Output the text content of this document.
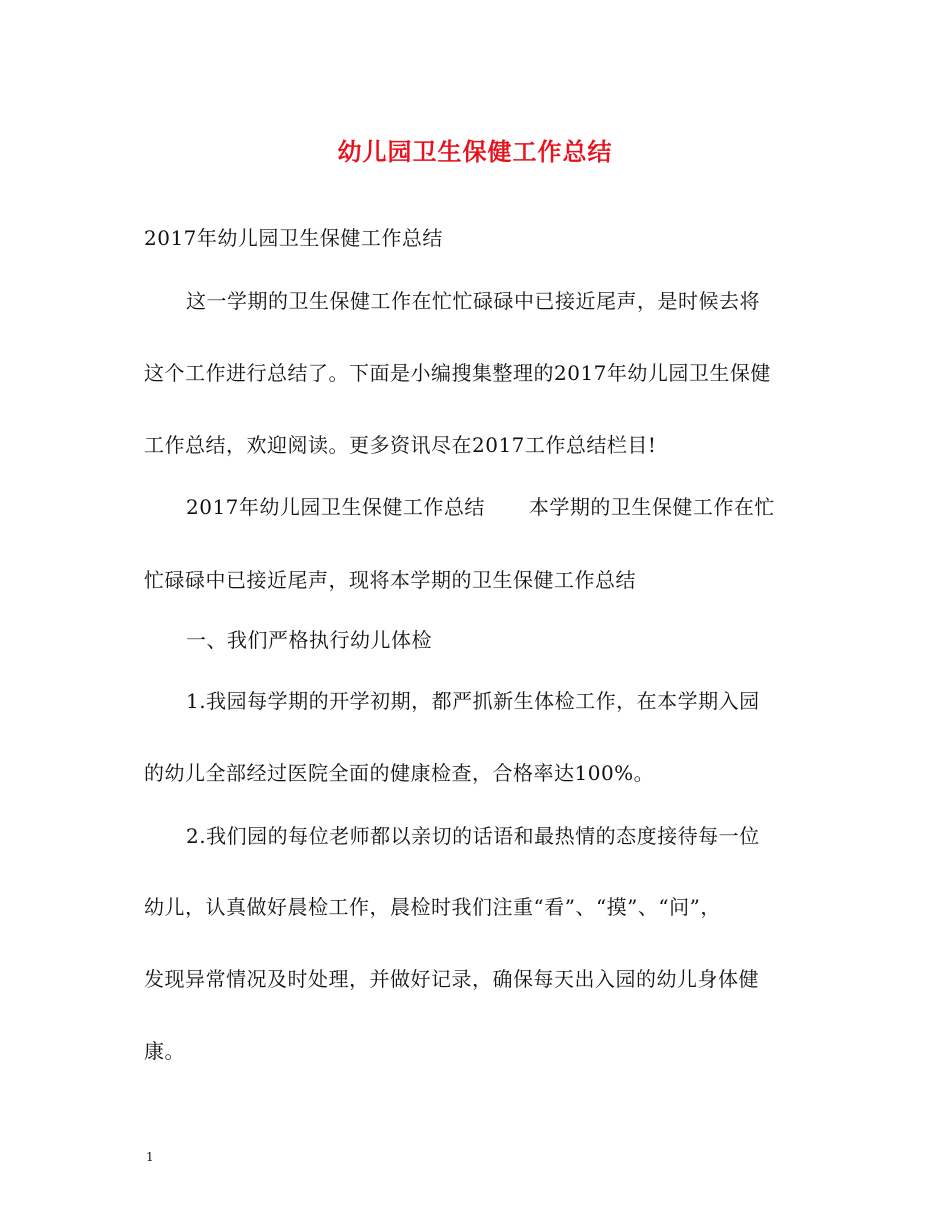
幼儿园卫生保健工作总结
2017年幼儿园卫生保健工作总结
这一学期的卫生保健工作在忙忙碌碌中已接近尾声，是时候去将
这个工作进行总结了。下面是小编搜集整理的2017年幼儿园卫生保健
工作总结，欢迎阅读。更多资讯尽在2017工作总结栏目!
2017年幼儿园卫生保健工作总结 本学期的卫生保健工作在忙
忙碌碌中已接近尾声，现将本学期的卫生保健工作总结
一、我们严格执行幼儿体检
1.我园每学期的开学初期，都严抓新生体检工作，在本学期入园
的幼儿全部经过医院全面的健康检查，合格率达100%。
2.我们园的每位老师都以亲切的话语和最热情的态度接待每一位
幼儿，认真做好晨检工作，晨检时我们注重“看”、“摸”、“问”，
发现异常情况及时处理，并做好记录，确保每天出入园的幼儿身体健
康。
1
